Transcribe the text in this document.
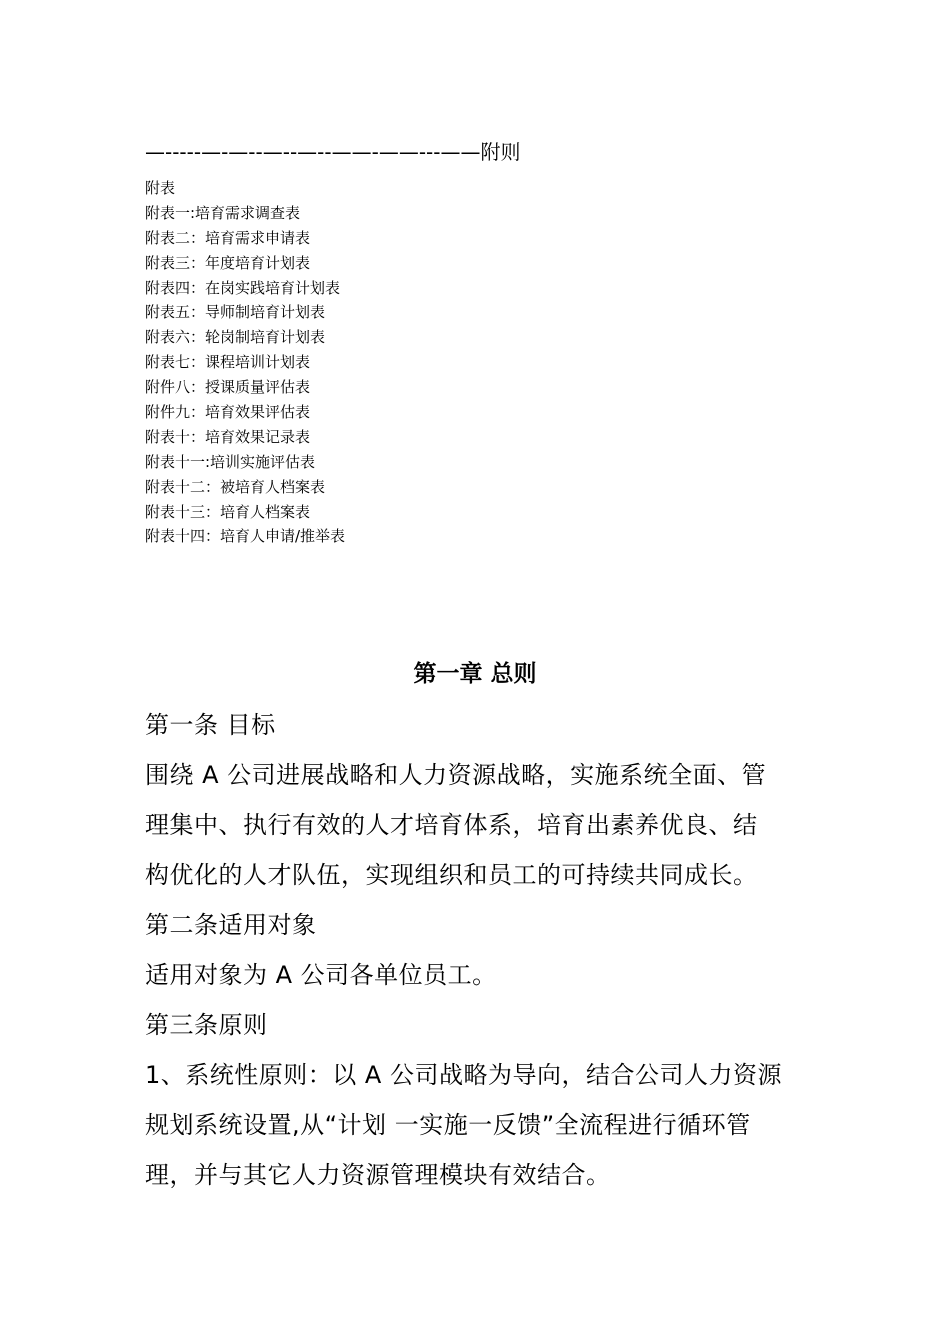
—-----—-—--—--—--——-——---——附则
附表
附表一:培育需求调查表
附表二：培育需求申请表
附表三：年度培育计划表
附表四：在岗实践培育计划表
附表五：导师制培育计划表
附表六：轮岗制培育计划表
附表七：课程培训计划表
附件八：授课质量评估表
附件九：培育效果评估表
附表十：培育效果记录表
附表十一:培训实施评估表
附表十二：被培育人档案表
附表十三：培育人档案表
附表十四：培育人申请/推举表
第一章 总则
第一条 目标
围绕 A 公司进展战略和人力资源战略，实施系统全面、管
理集中、执行有效的人才培育体系，培育出素养优良、结
构优化的人才队伍，实现组织和员工的可持续共同成长。
第二条适用对象
适用对象为 A 公司各单位员工。
第三条原则
1、系统性原则：以 A 公司战略为导向，结合公司人力资源
规划系统设置,从“计划 一实施一反馈”全流程进行循环管
理，并与其它人力资源管理模块有效结合。
